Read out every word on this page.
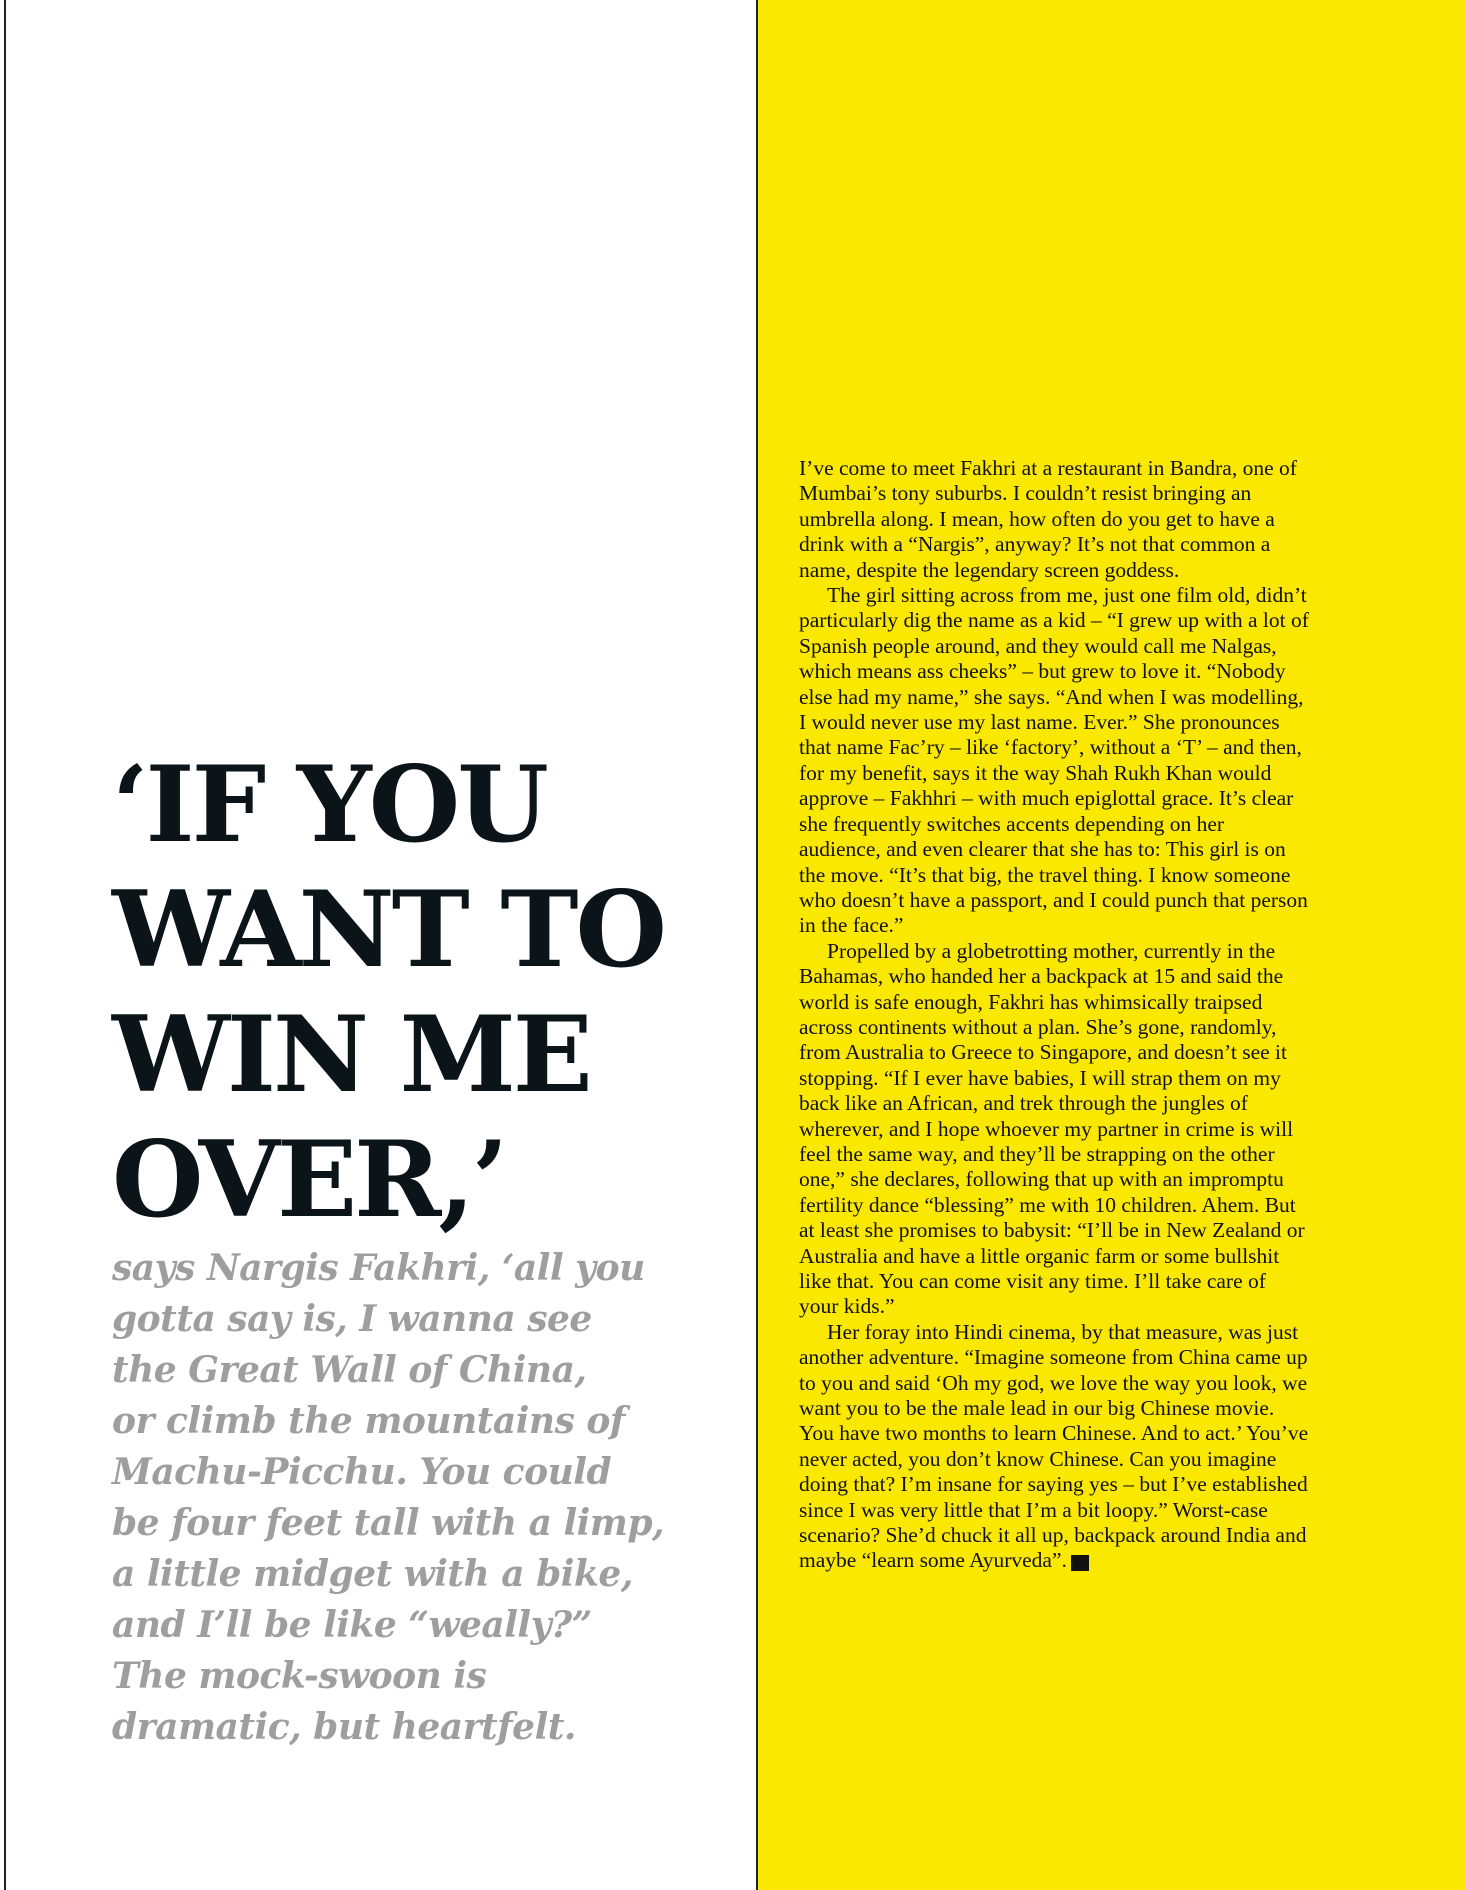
‘IF YOU
WANT TO
WIN ME
OVER,’

says Nargis Fakhri, ‘all you
gotta say is, I wanna see
the Great Wall of China,
or climb the mountains of
Machu-Picchu. You could
be four feet tall with a limp,
a little midget with a bike,
and I’ll be like “weally?”
The mock-swoon is
dramatic, but heartfelt.

I’ve come to meet Fakhri at a restaurant in Bandra, one of Mumbai’s tony suburbs. I couldn’t resist bringing an umbrella along. I mean, how often do you get to have a drink with a “Nargis”, anyway? It’s not that common a name, despite the legendary screen goddess.

The girl sitting across from me, just one film old, didn’t particularly dig the name as a kid – “I grew up with a lot of Spanish people around, and they would call me Nalgas, which means ass cheeks” – but grew to love it. “Nobody else had my name,” she says. “And when I was modelling, I would never use my last name. Ever.” She pronounces that name Fac’ry – like ‘factory’, without a ‘T’ – and then, for my benefit, says it the way Shah Rukh Khan would approve – Fakhhri – with much epiglottal grace. It’s clear she frequently switches accents depending on her audience, and even clearer that she has to: This girl is on the move. “It’s that big, the travel thing. I know someone who doesn’t have a passport, and I could punch that person in the face.”

Propelled by a globetrotting mother, currently in the Bahamas, who handed her a backpack at 15 and said the world is safe enough, Fakhri has whimsically traipsed across continents without a plan. She’s gone, randomly, from Australia to Greece to Singapore, and doesn’t see it stopping. “If I ever have babies, I will strap them on my back like an African, and trek through the jungles of wherever, and I hope whoever my partner in crime is will feel the same way, and they’ll be strapping on the other one,” she declares, following that up with an impromptu fertility dance “blessing” me with 10 children. Ahem. But at least she promises to babysit: “I’ll be in New Zealand or Australia and have a little organic farm or some bullshit like that. You can come visit any time. I’ll take care of your kids.”

Her foray into Hindi cinema, by that measure, was just another adventure. “Imagine someone from China came up to you and said ‘Oh my god, we love the way you look, we want you to be the male lead in our big Chinese movie. You have two months to learn Chinese. And to act.’ You’ve never acted, you don’t know Chinese. Can you imagine doing that? I’m insane for saying yes – but I’ve established since I was very little that I’m a bit loopy.” Worst-case scenario? She’d chuck it all up, backpack around India and maybe “learn some Ayurveda”.	➔
